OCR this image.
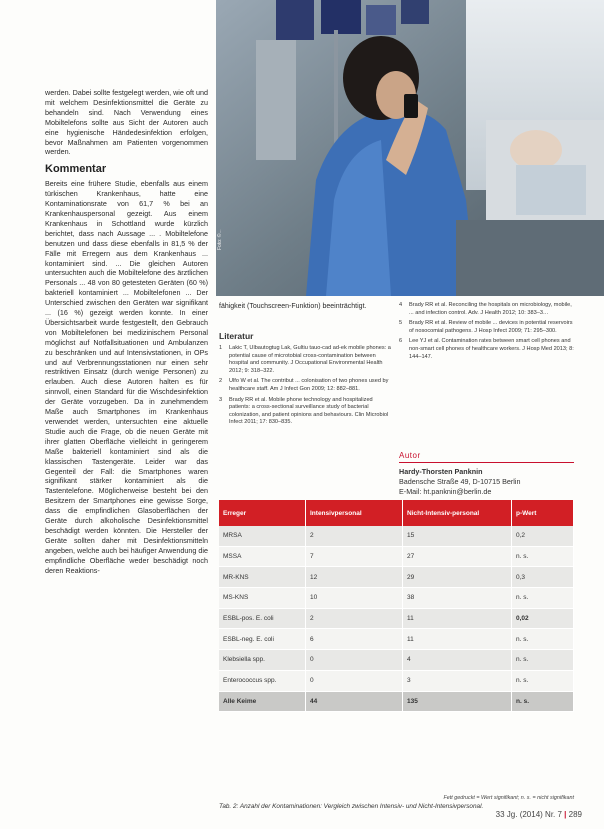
werden. Dabei sollte festgelegt werden, wie oft und mit welchem Desinfektionsmittel die Geräte zu behandeln sind. Nach Verwendung eines Mobiltelefons sollte aus Sicht der Autoren auch eine hygienische Händedesinfektion erfolgen, bevor Maßnahmen am Patienten vorgenommen werden.

Kommentar

Bereits eine frühere Studie, ebenfalls aus einem türkischen Krankenhaus, hatte eine Kontaminationsrate von 61,7 % bei an Krankenhauspersonal gezeigt. Aus einem Krankenhaus in Schottland wurde kürzlich berichtet, dass nach Aussage ... . Mobiltelefone benutzen und dass diese ebenfalls in 81,5 % der Fälle mit Erregern aus dem Krankenhaus ... kontaminiert sind. ... Die gleichen Autoren untersuchten auch die Mobiltelefone des ärztlichen Personals ... 48 von 80 getesteten Geräten (60 %) bakteriell kontaminiert ... Mobiltelefonen ... Der Unterschied zwischen den Geräten war signifikant ... (16 %) gezeigt werden konnte. In einer Übersichtsarbeit wurde festgestellt, den Gebrauch von Mobiltelefonen bei medizinischem Personal möglichst auf Notfallsituationen und Ambulanzen zu beschränken und auf Intensivstationen, in OPs und auf Verbrennungsstationen nur einen sehr restriktiven Einsatz (durch wenige Personen) zu erlauben. Auch diese Autoren halten es für sinnvoll, einen Standard für die Wischdesinfektion der Geräte vorzugeben. Da in zunehmendem Maße auch Smartphones im Krankenhaus verwendet werden, untersuchten eine aktuelle Studie auch die Frage, ob die neuen Geräte mit ihrer glatten Oberfläche vielleicht in geringerem Maße bakteriell kontaminiert sind als die klassischen Tastengeräte. Leider war das Gegenteil der Fall: die Smartphones waren signifikant stärker kontaminiert als die Tastentelefone. Möglicherweise besteht bei den Besitzern der Smartphones eine gewisse Sorge, dass die empfindlichen Glasoberflächen der Geräte durch alkoholische Desinfektionsmittel beschädigt werden könnten. Die Hersteller der Geräte sollten daher mit Desinfektionsmitteln angeben, welche auch bei häufiger Anwendung die empfindliche Oberfläche weder beschädigt noch deren Reaktions-

Foto: ©...

fähigkeit (Touchscreen-Funktion) beeinträchtigt.

Literatur
1	Lakic T, Ulbautogtug Lak, Gultiu tauo-cad ad-ek mobile phones: a potential cause of microtobial cross-contamination between hospital and community. J Occupational Environmental Health 2012; 9: 318–322.
2	Ulfo W et al. The contribut ... colonisation of two phones used by healthcare staff. Am J Infect Gon 2009; 12: 882–881.
3	Brady RR et al. Mobile phone technology and hospitalized patients: a cross-sectional surveillance study of bacterial colonization, and patient opinions and behaviours. Clin Microbiol Infect 2011; 17: 830–835.
4	Brady RR et al. Reconciling the hospitals on microbiology, mobile, ... and infection control. Adv. J Health 2012; 10: 383–3…
5	Brady RR et al. Review of mobile ... devices in potential reservoirs of nosocomial pathogens. J Hosp Infect 2009; 71: 295–300.
6	Lee YJ et al. Contamination rates between smart cell phones and non-smart cell phones of healthcare workers. J Hosp Med 2013; 8: 144–147.
Autor
Hardy-Thorsten Panknin
Badensche Straße 49, D-10715 Berlin
E-Mail: ht.panknin@berlin.de
Erreger	Intensivpersonal	Nicht-Intensiv-personal	p-Wert
MRSA	2	15	0,2
MSSA	7	27	n. s.
MR-KNS	12	29	0,3
MS-KNS	10	38	n. s.
ESBL-pos. E. coli	2	11	0,02
ESBL-neg. E. coli	6	11	n. s.
Klebsiella spp.	0	4	n. s.
Enterococcus spp.	0	3	n. s.
Alle Keime	44	135	n. s.
Fett gedruckt = Wert signifikant; n. s. = nicht signifikant
Tab. 2: Anzahl der Kontaminationen: Vergleich zwischen Intensiv- und Nicht-Intensivpersonal.
33 Jg. (2014) Nr. 7 | 289
